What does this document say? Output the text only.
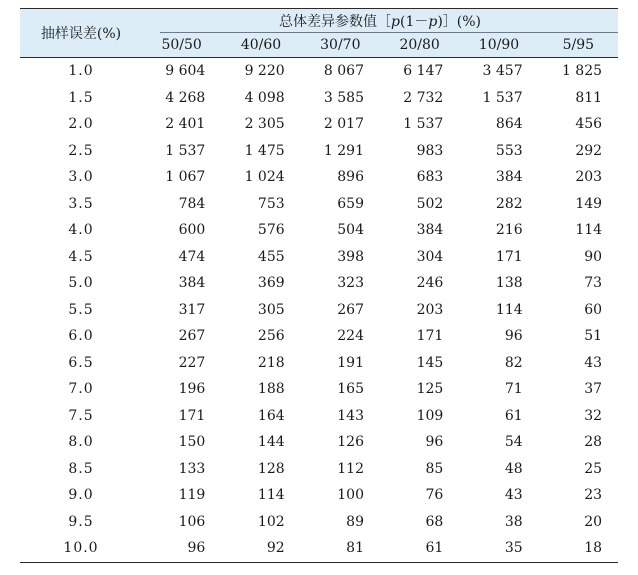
抽样误差(%)	总体差异参数值［p(1－p)］(%)					

	50/50	40/60	30/70	20/80	10/90	5/95
1.0	9 604	9 220	8 067	6 147	3 457	1 825
1.5	4 268	4 098	3 585	2 732	1 537	811
2.0	2 401	2 305	2 017	1 537	864	456
2.5	1 537	1 475	1 291	983	553	292
3.0	1 067	1 024	896	683	384	203
3.5	784	753	659	502	282	149
4.0	600	576	504	384	216	114
4.5	474	455	398	304	171	90
5.0	384	369	323	246	138	73
5.5	317	305	267	203	114	60
6.0	267	256	224	171	96	51
6.5	227	218	191	145	82	43
7.0	196	188	165	125	71	37
7.5	171	164	143	109	61	32
8.0	150	144	126	96	54	28
8.5	133	128	112	85	48	25
9.0	119	114	100	76	43	23
9.5	106	102	89	68	38	20
10.0	96	92	81	61	35	18
